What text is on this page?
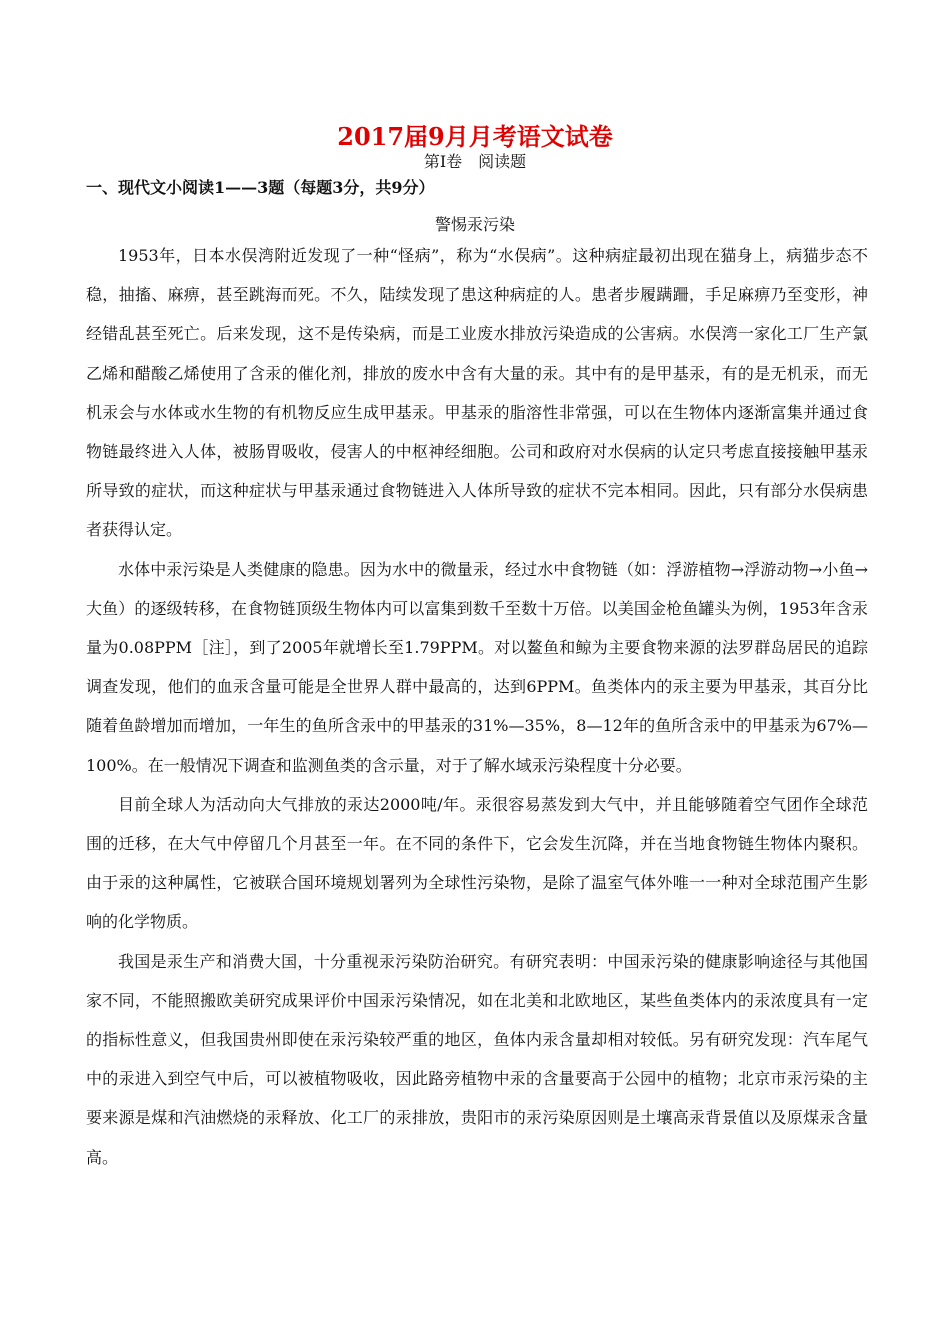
2017届9月月考语文试卷
第Ⅰ卷　阅读题
一、现代文小阅读1——3题（每题3分，共9分）
警惕汞污染

1953年，日本水俣湾附近发现了一种“怪病”，称为“水俣病”。这种病症最初出现在猫身上，病猫步态不稳，抽搐、麻痹，甚至跳海而死。不久，陆续发现了患这种病症的人。患者步履蹒跚，手足麻痹乃至变形，神经错乱甚至死亡。后来发现，这不是传染病，而是工业废水排放污染造成的公害病。水俣湾一家化工厂生产氯乙烯和醋酸乙烯使用了含汞的催化剂，排放的废水中含有大量的汞。其中有的是甲基汞，有的是无机汞，而无机汞会与水体或水生物的有机物反应生成甲基汞。甲基汞的脂溶性非常强，可以在生物体内逐渐富集并通过食物链最终进入人体，被肠胃吸收，侵害人的中枢神经细胞。公司和政府对水俣病的认定只考虑直接接触甲基汞所导致的症状，而这种症状与甲基汞通过食物链进入人体所导致的症状不完本相同。因此，只有部分水俣病患者获得认定。

水体中汞污染是人类健康的隐患。因为水中的微量汞，经过水中食物链（如：浮游植物→浮游动物→小鱼→大鱼）的逐级转移，在食物链顶级生物体内可以富集到数千至数十万倍。以美国金枪鱼罐头为例，1953年含汞量为0.08PPM［注］，到了2005年就增长至1.79PPM。对以鳌鱼和鲸为主要食物来源的法罗群岛居民的追踪调查发现，他们的血汞含量可能是全世界人群中最高的，达到6PPM。鱼类体内的汞主要为甲基汞，其百分比随着鱼龄增加而增加，一年生的鱼所含汞中的甲基汞的31%—35%，8—12年的鱼所含汞中的甲基汞为67%—100%。在一般情况下调查和监测鱼类的含示量，对于了解水域汞污染程度十分必要。

目前全球人为活动向大气排放的汞达2000吨/年。汞很容易蒸发到大气中，并且能够随着空气团作全球范围的迁移，在大气中停留几个月甚至一年。在不同的条件下，它会发生沉降，并在当地食物链生物体内聚积。由于汞的这种属性，它被联合国环境规划署列为全球性污染物，是除了温室气体外唯一一种对全球范围产生影响的化学物质。

我国是汞生产和消费大国，十分重视汞污染防治研究。有研究表明：中国汞污染的健康影响途径与其他国家不同，不能照搬欧美研究成果评价中国汞污染情况，如在北美和北欧地区，某些鱼类体内的汞浓度具有一定的指标性意义，但我国贵州即使在汞污染较严重的地区，鱼体内汞含量却相对较低。另有研究发现：汽车尾气中的汞进入到空气中后，可以被植物吸收，因此路旁植物中汞的含量要高于公园中的植物；北京市汞污染的主要来源是煤和汽油燃烧的汞释放、化工厂的汞排放，贵阳市的汞污染原因则是土壤高汞背景值以及原煤汞含量高。
